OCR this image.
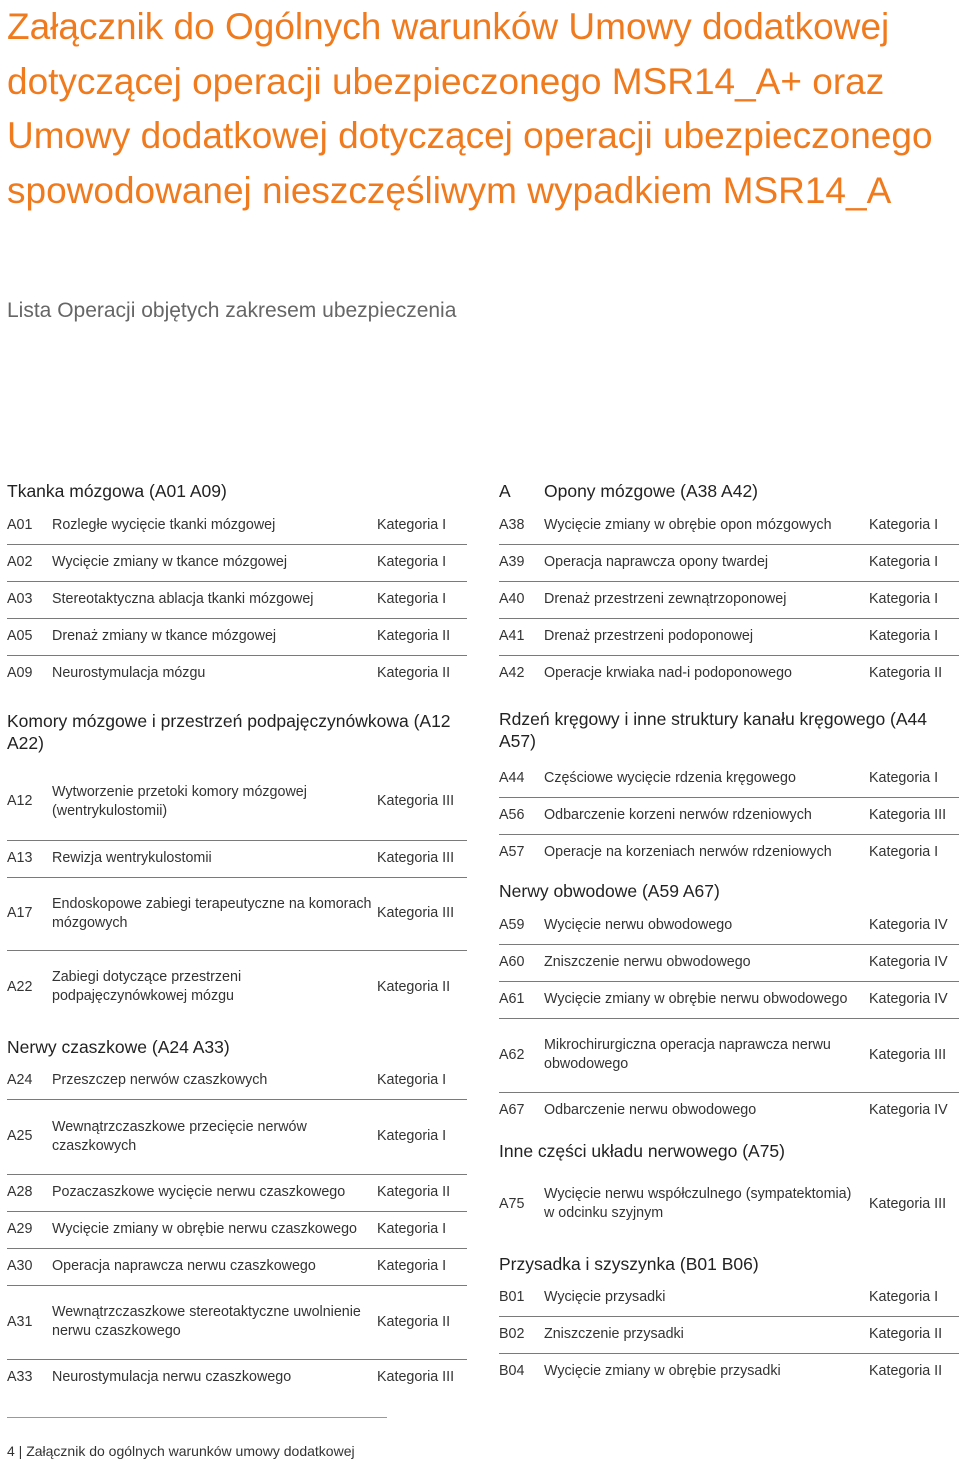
Załącznik do Ogólnych warunków Umowy dodatkowej dotyczącej operacji ubezpieczonego MSR14_A+ oraz Umowy dodatkowej dotyczącej operacji ubezpieczonego spowodowanej nieszczęśliwym wypadkiem MSR14_A
Lista Operacji objętych zakresem ubezpieczenia
Tkanka mózgowa (A01 A09)
A01	Rozległe wycięcie tkanki mózgowej	Kategoria I
A02	Wycięcie zmiany w tkance mózgowej	Kategoria I
A03	Stereotaktyczna ablacja tkanki mózgowej	Kategoria I
A05	Drenaż zmiany w tkance mózgowej	Kategoria II
A09	Neurostymulacja mózgu	Kategoria II
Komory mózgowe i przestrzeń podpajęczynówkowa (A12 A22)
A12	Wytworzenie przetoki komory mózgowej (wentrykulostomii)	Kategoria III
A13	Rewizja wentrykulostomii	Kategoria III
A17	Endoskopowe zabiegi terapeutyczne na komorach mózgowych	Kategoria III
A22	Zabiegi dotyczące przestrzeni podpajęczynówkowej mózgu	Kategoria II
Nerwy czaszkowe (A24 A33)
A24	Przeszczep nerwów czaszkowych	Kategoria I
A25	Wewnątrzczaszkowe przecięcie nerwów czaszkowych	Kategoria I
A28	Pozaczaszkowe wycięcie nerwu czaszkowego	Kategoria II
A29	Wycięcie zmiany w obrębie nerwu czaszkowego	Kategoria I
A30	Operacja naprawcza nerwu czaszkowego	Kategoria I
A31	Wewnątrzczaszkowe stereotaktyczne uwolnienie nerwu czaszkowego	Kategoria II
A33	Neurostymulacja nerwu czaszkowego	Kategoria III
A Opony mózgowe (A38 A42)
A38	Wycięcie zmiany w obrębie opon mózgowych	Kategoria I
A39	Operacja naprawcza opony twardej	Kategoria I
A40	Drenaż przestrzeni zewnątrzoponowej	Kategoria I
A41	Drenaż przestrzeni podoponowej	Kategoria I
A42	Operacje krwiaka nad-i podoponowego	Kategoria II
Rdzeń kręgowy i inne struktury kanału kręgowego (A44 A57)
A44	Częściowe wycięcie rdzenia kręgowego	Kategoria I
A56	Odbarczenie korzeni nerwów rdzeniowych	Kategoria III
A57	Operacje na korzeniach nerwów rdzeniowych	Kategoria I
Nerwy obwodowe (A59 A67)
A59	Wycięcie nerwu obwodowego	Kategoria IV
A60	Zniszczenie nerwu obwodowego	Kategoria IV
A61	Wycięcie zmiany w obrębie nerwu obwodowego	Kategoria IV
A62	Mikrochirurgiczna operacja naprawcza nerwu obwodowego	Kategoria III
A67	Odbarczenie nerwu obwodowego	Kategoria IV
Inne części układu nerwowego (A75)
A75	Wycięcie nerwu współczulnego (sympatektomia) w odcinku szyjnym	Kategoria III
Przysadka i szyszynka (B01 B06)
B01	Wycięcie przysadki	Kategoria I
B02	Zniszczenie przysadki	Kategoria II
B04	Wycięcie zmiany w obrębie przysadki	Kategoria II
4 | Załącznik do ogólnych warunków umowy dodatkowej
